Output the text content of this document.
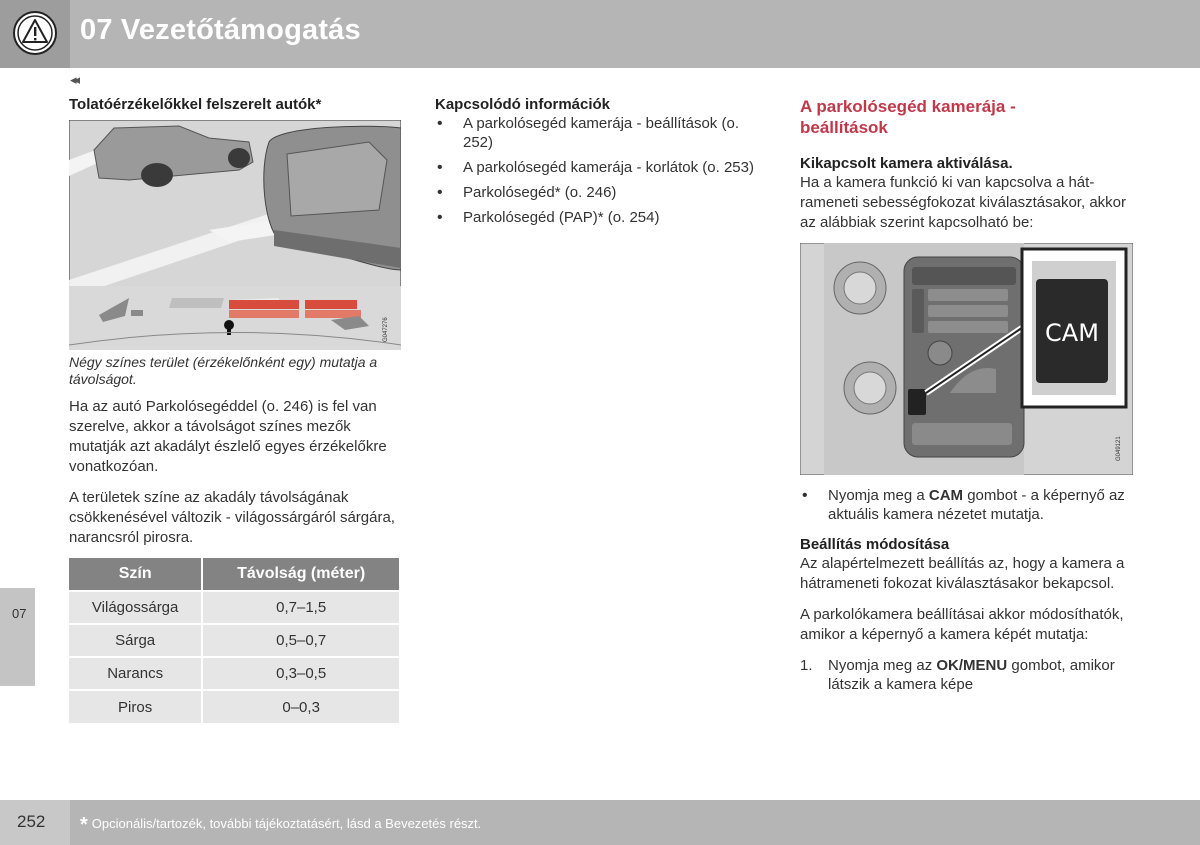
07 Vezetőtámogatás
◂◂
07
Tolatóérzékelőkkel felszerelt autók*
G047276
Négy színes terület (érzékelőnként egy) mutatja a távolságot.

Ha az autó Parkolósegéddel (o. 246) is fel van szerelve, akkor a távolságot színes mezők mutatják azt akadályt észlelő egyes érzékelőkre vonatkozóan.

A területek színe az akadály távolságának csökkenésével változik - világossárgáról sárgára, narancsról pirosra.

Szín	Távolság (méter)
Világossárga	0,7–1,5
Sárga	0,5–0,7
Narancs	0,3–0,5
Piros	0–0,3
Kapcsolódó információk
• A parkolósegéd kamerája - beállítások (o. 252)
• A parkolósegéd kamerája - korlátok (o. 253)
• Parkolósegéd* (o. 246)
• Parkolósegéd (PAP)* (o. 254)
A parkolósegéd kamerája - beállítások
Kikapcsolt kamera aktiválása.

Ha a kamera funkció ki van kapcsolva a hátrameneti sebességfokozat kiválasztásakor, akkor az alábbiak szerint kapcsolható be:

CAM
G049121
• Nyomja meg a CAM gombot - a képernyő az aktuális kamera nézetet mutatja.
Beállítás módosítása

Az alapértelmezett beállítás az, hogy a kamera a hátrameneti fokozat kiválasztásakor bekapcsol.

A parkolókamera beállításai akkor módosíthatók, amikor a képernyő a kamera képét mutatja:

1. Nyomja meg az OK/MENU gombot, amikor látszik a kamera képe
252 * Opcionális/tartozék, további tájékoztatásért, lásd a Bevezetés részt.
